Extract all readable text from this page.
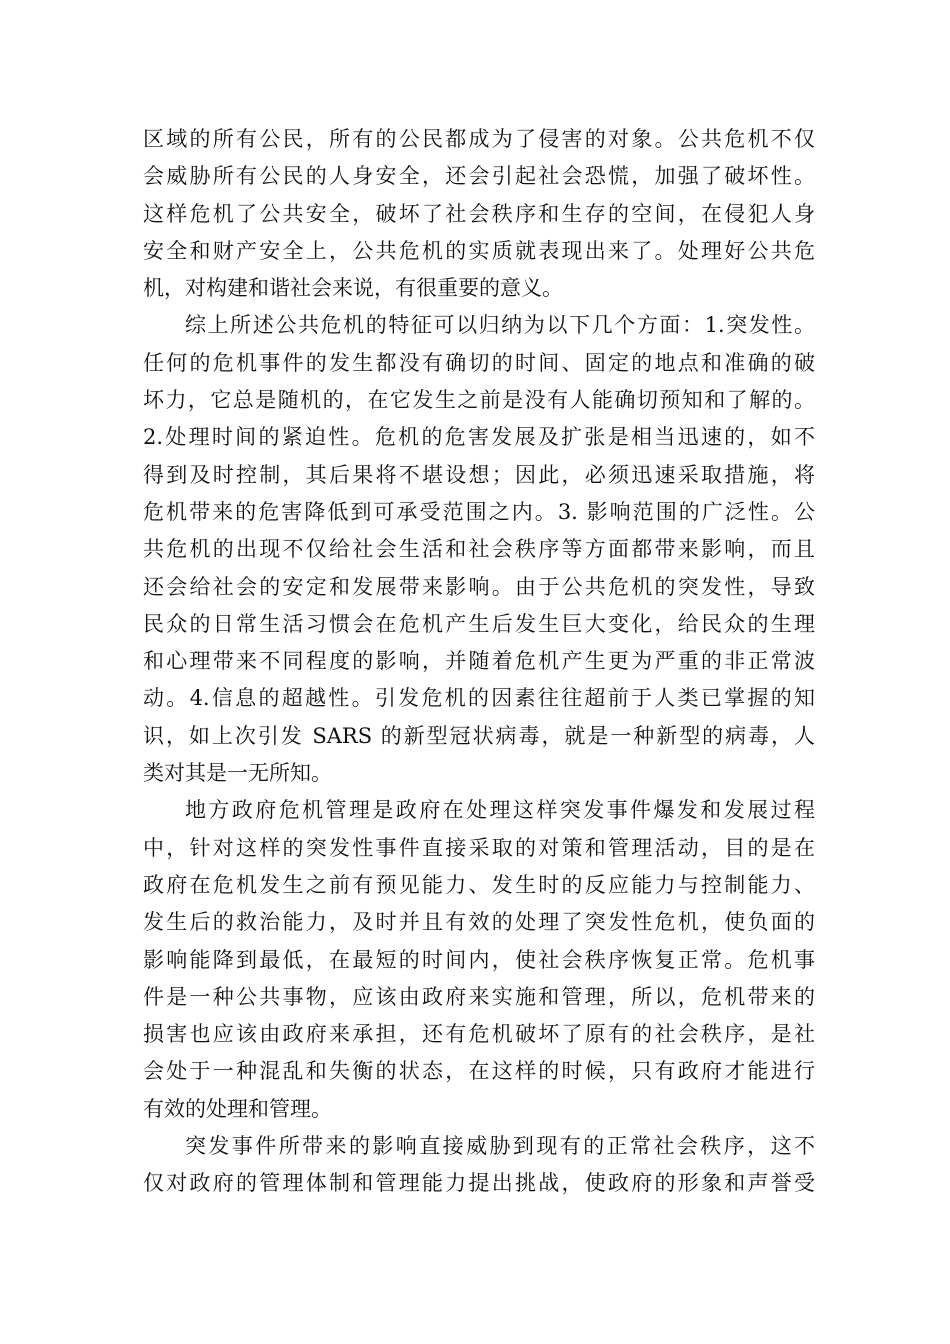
区域的所有公民，所有的公民都成为了侵害的对象。公共危机不仅
会威胁所有公民的人身安全，还会引起社会恐慌，加强了破坏性。
这样危机了公共安全，破坏了社会秩序和生存的空间，在侵犯人身
安全和财产安全上，公共危机的实质就表现出来了。处理好公共危
机，对构建和谐社会来说，有很重要的意义。
综上所述公共危机的特征可以归纳为以下几个方面：1.突发性。
任何的危机事件的发生都没有确切的时间、固定的地点和准确的破
坏力，它总是随机的，在它发生之前是没有人能确切预知和了解的。
2.处理时间的紧迫性。危机的危害发展及扩张是相当迅速的，如不
得到及时控制，其后果将不堪设想；因此，必须迅速采取措施，将
危机带来的危害降低到可承受范围之内。3. 影响范围的广泛性。公
共危机的出现不仅给社会生活和社会秩序等方面都带来影响，而且
还会给社会的安定和发展带来影响。由于公共危机的突发性，导致
民众的日常生活习惯会在危机产生后发生巨大变化，给民众的生理
和心理带来不同程度的影响，并随着危机产生更为严重的非正常波
动。4.信息的超越性。引发危机的因素往往超前于人类已掌握的知
识，如上次引发 SARS 的新型冠状病毒，就是一种新型的病毒，人
类对其是一无所知。
地方政府危机管理是政府在处理这样突发事件爆发和发展过程
中，针对这样的突发性事件直接采取的对策和管理活动，目的是在
政府在危机发生之前有预见能力、发生时的反应能力与控制能力、
发生后的救治能力，及时并且有效的处理了突发性危机，使负面的
影响能降到最低，在最短的时间内，使社会秩序恢复正常。危机事
件是一种公共事物，应该由政府来实施和管理，所以，危机带来的
损害也应该由政府来承担，还有危机破坏了原有的社会秩序，是社
会处于一种混乱和失衡的状态，在这样的时候，只有政府才能进行
有效的处理和管理。
突发事件所带来的影响直接威胁到现有的正常社会秩序，这不
仅对政府的管理体制和管理能力提出挑战，使政府的形象和声誉受
